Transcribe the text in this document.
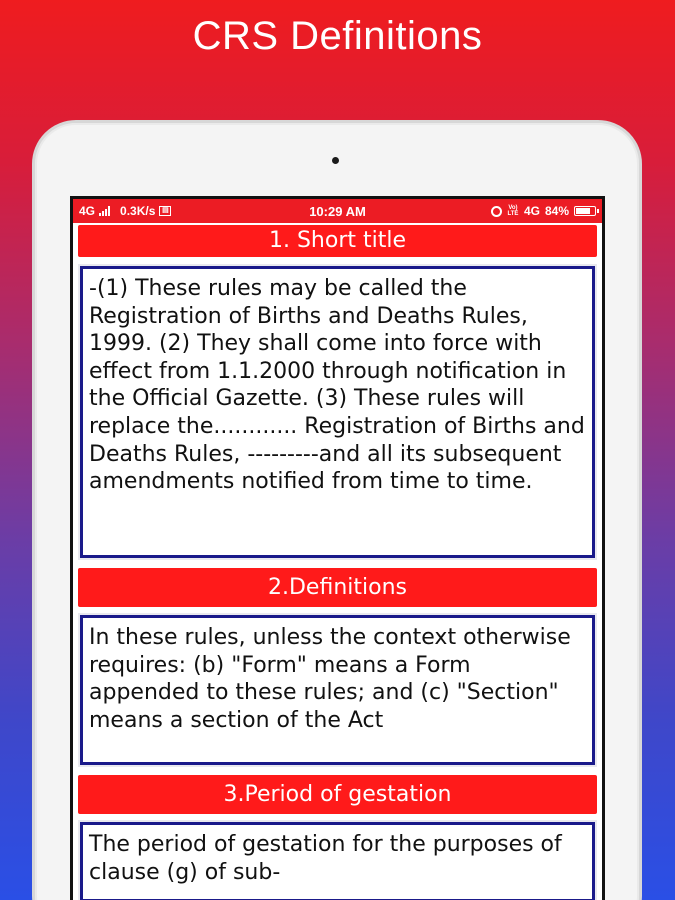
CRS Definitions
4G 0.3K/s ▤	10:29 AM	Vo) LTE 4G 84%
1. Short title
-(1) These rules may be called the Registration of Births and Deaths Rules, 1999. (2) They shall come into force with effect from 1.1.2000 through notification in the Official Gazette. (3) These rules will replace the............ Registration of Births and Deaths Rules, ---------and all its subsequent amendments notified from time to time.
2.Definitions
In these rules, unless the context otherwise requires: (b) "Form" means a Form appended to these rules; and (c) "Section" means a section of the Act
3.Period of gestation
The period of gestation for the purposes of clause (g) of sub-
